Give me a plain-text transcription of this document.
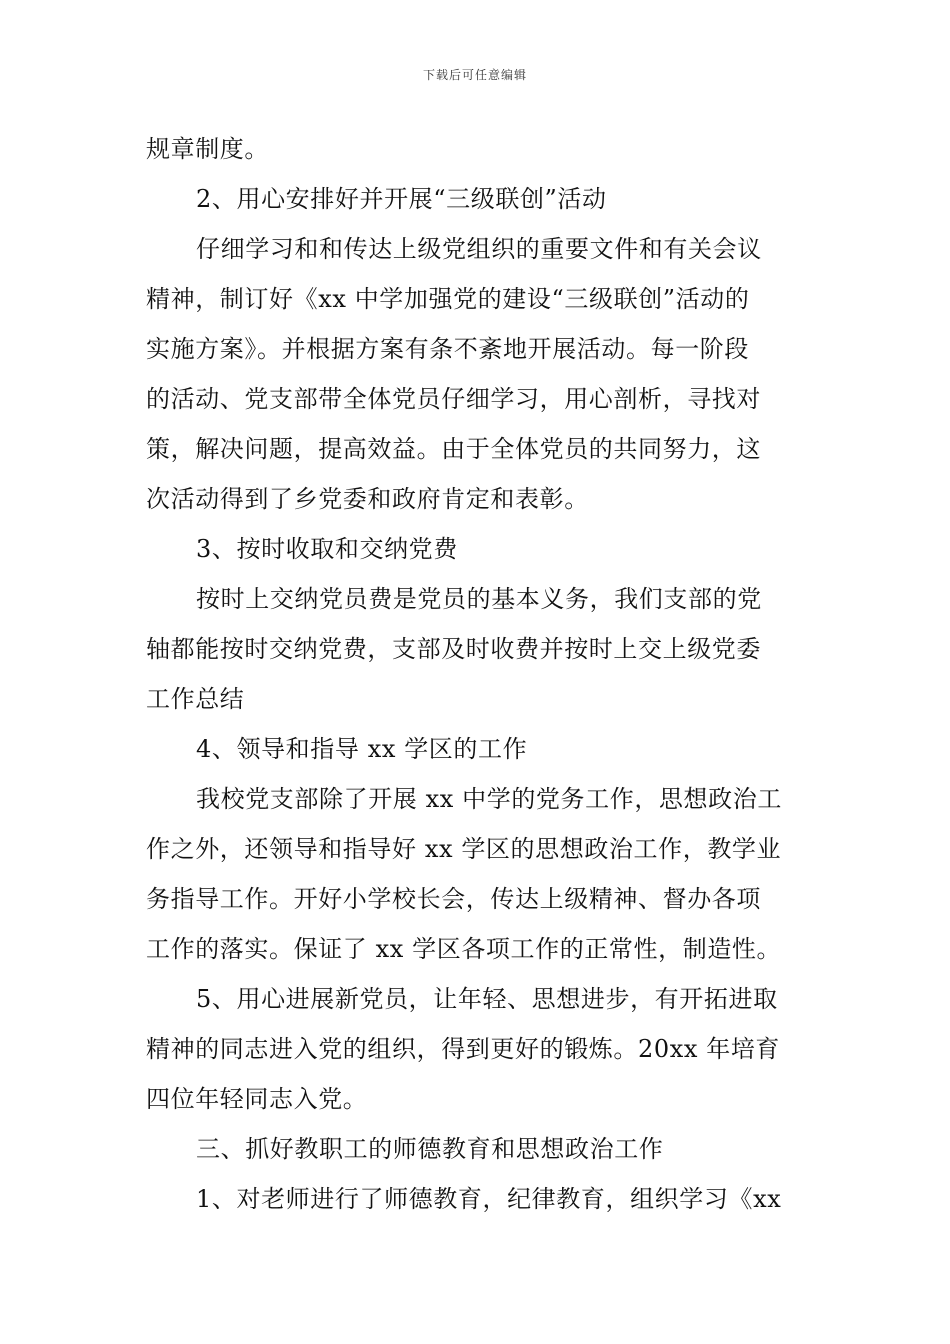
下载后可任意编辑
规章制度。
2、用心安排好并开展“三级联创”活动
仔细学习和和传达上级党组织的重要文件和有关会议
精神，制订好《xx 中学加强党的建设“三级联创”活动的
实施方案》。并根据方案有条不紊地开展活动。每一阶段
的活动、党支部带全体党员仔细学习，用心剖析，寻找对
策，解决问题，提高效益。由于全体党员的共同努力，这
次活动得到了乡党委和政府肯定和表彰。
3、按时收取和交纳党费
按时上交纳党员费是党员的基本义务，我们支部的党
轴都能按时交纳党费，支部及时收费并按时上交上级党委
工作总结
4、领导和指导 xx 学区的工作
我校党支部除了开展 xx 中学的党务工作，思想政治工
作之外，还领导和指导好 xx 学区的思想政治工作，教学业
务指导工作。开好小学校长会，传达上级精神、督办各项
工作的落实。保证了 xx 学区各项工作的正常性，制造性。
5、用心进展新党员，让年轻、思想进步，有开拓进取
精神的同志进入党的组织，得到更好的锻炼。20xx 年培育
四位年轻同志入党。
三、抓好教职工的师德教育和思想政治工作
1、对老师进行了师德教育，纪律教育，组织学习《xx
